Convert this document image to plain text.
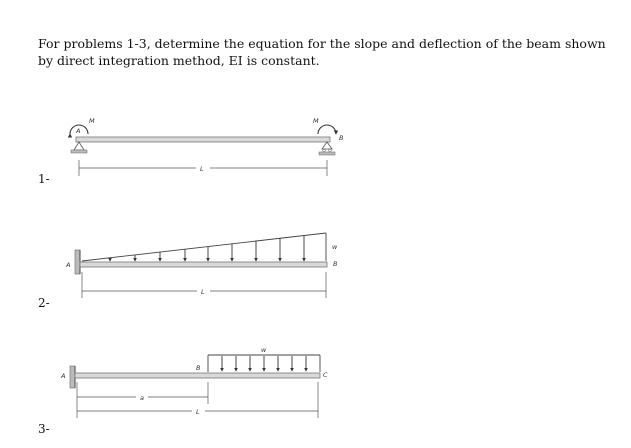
For problems 1-3, determine the equation for the slope and deflection of the beam shown by direct integration method, EI is constant.

1-
2-
3-
M
A
M
B
L
A
w
B
L
A
B
w
C
a
L
